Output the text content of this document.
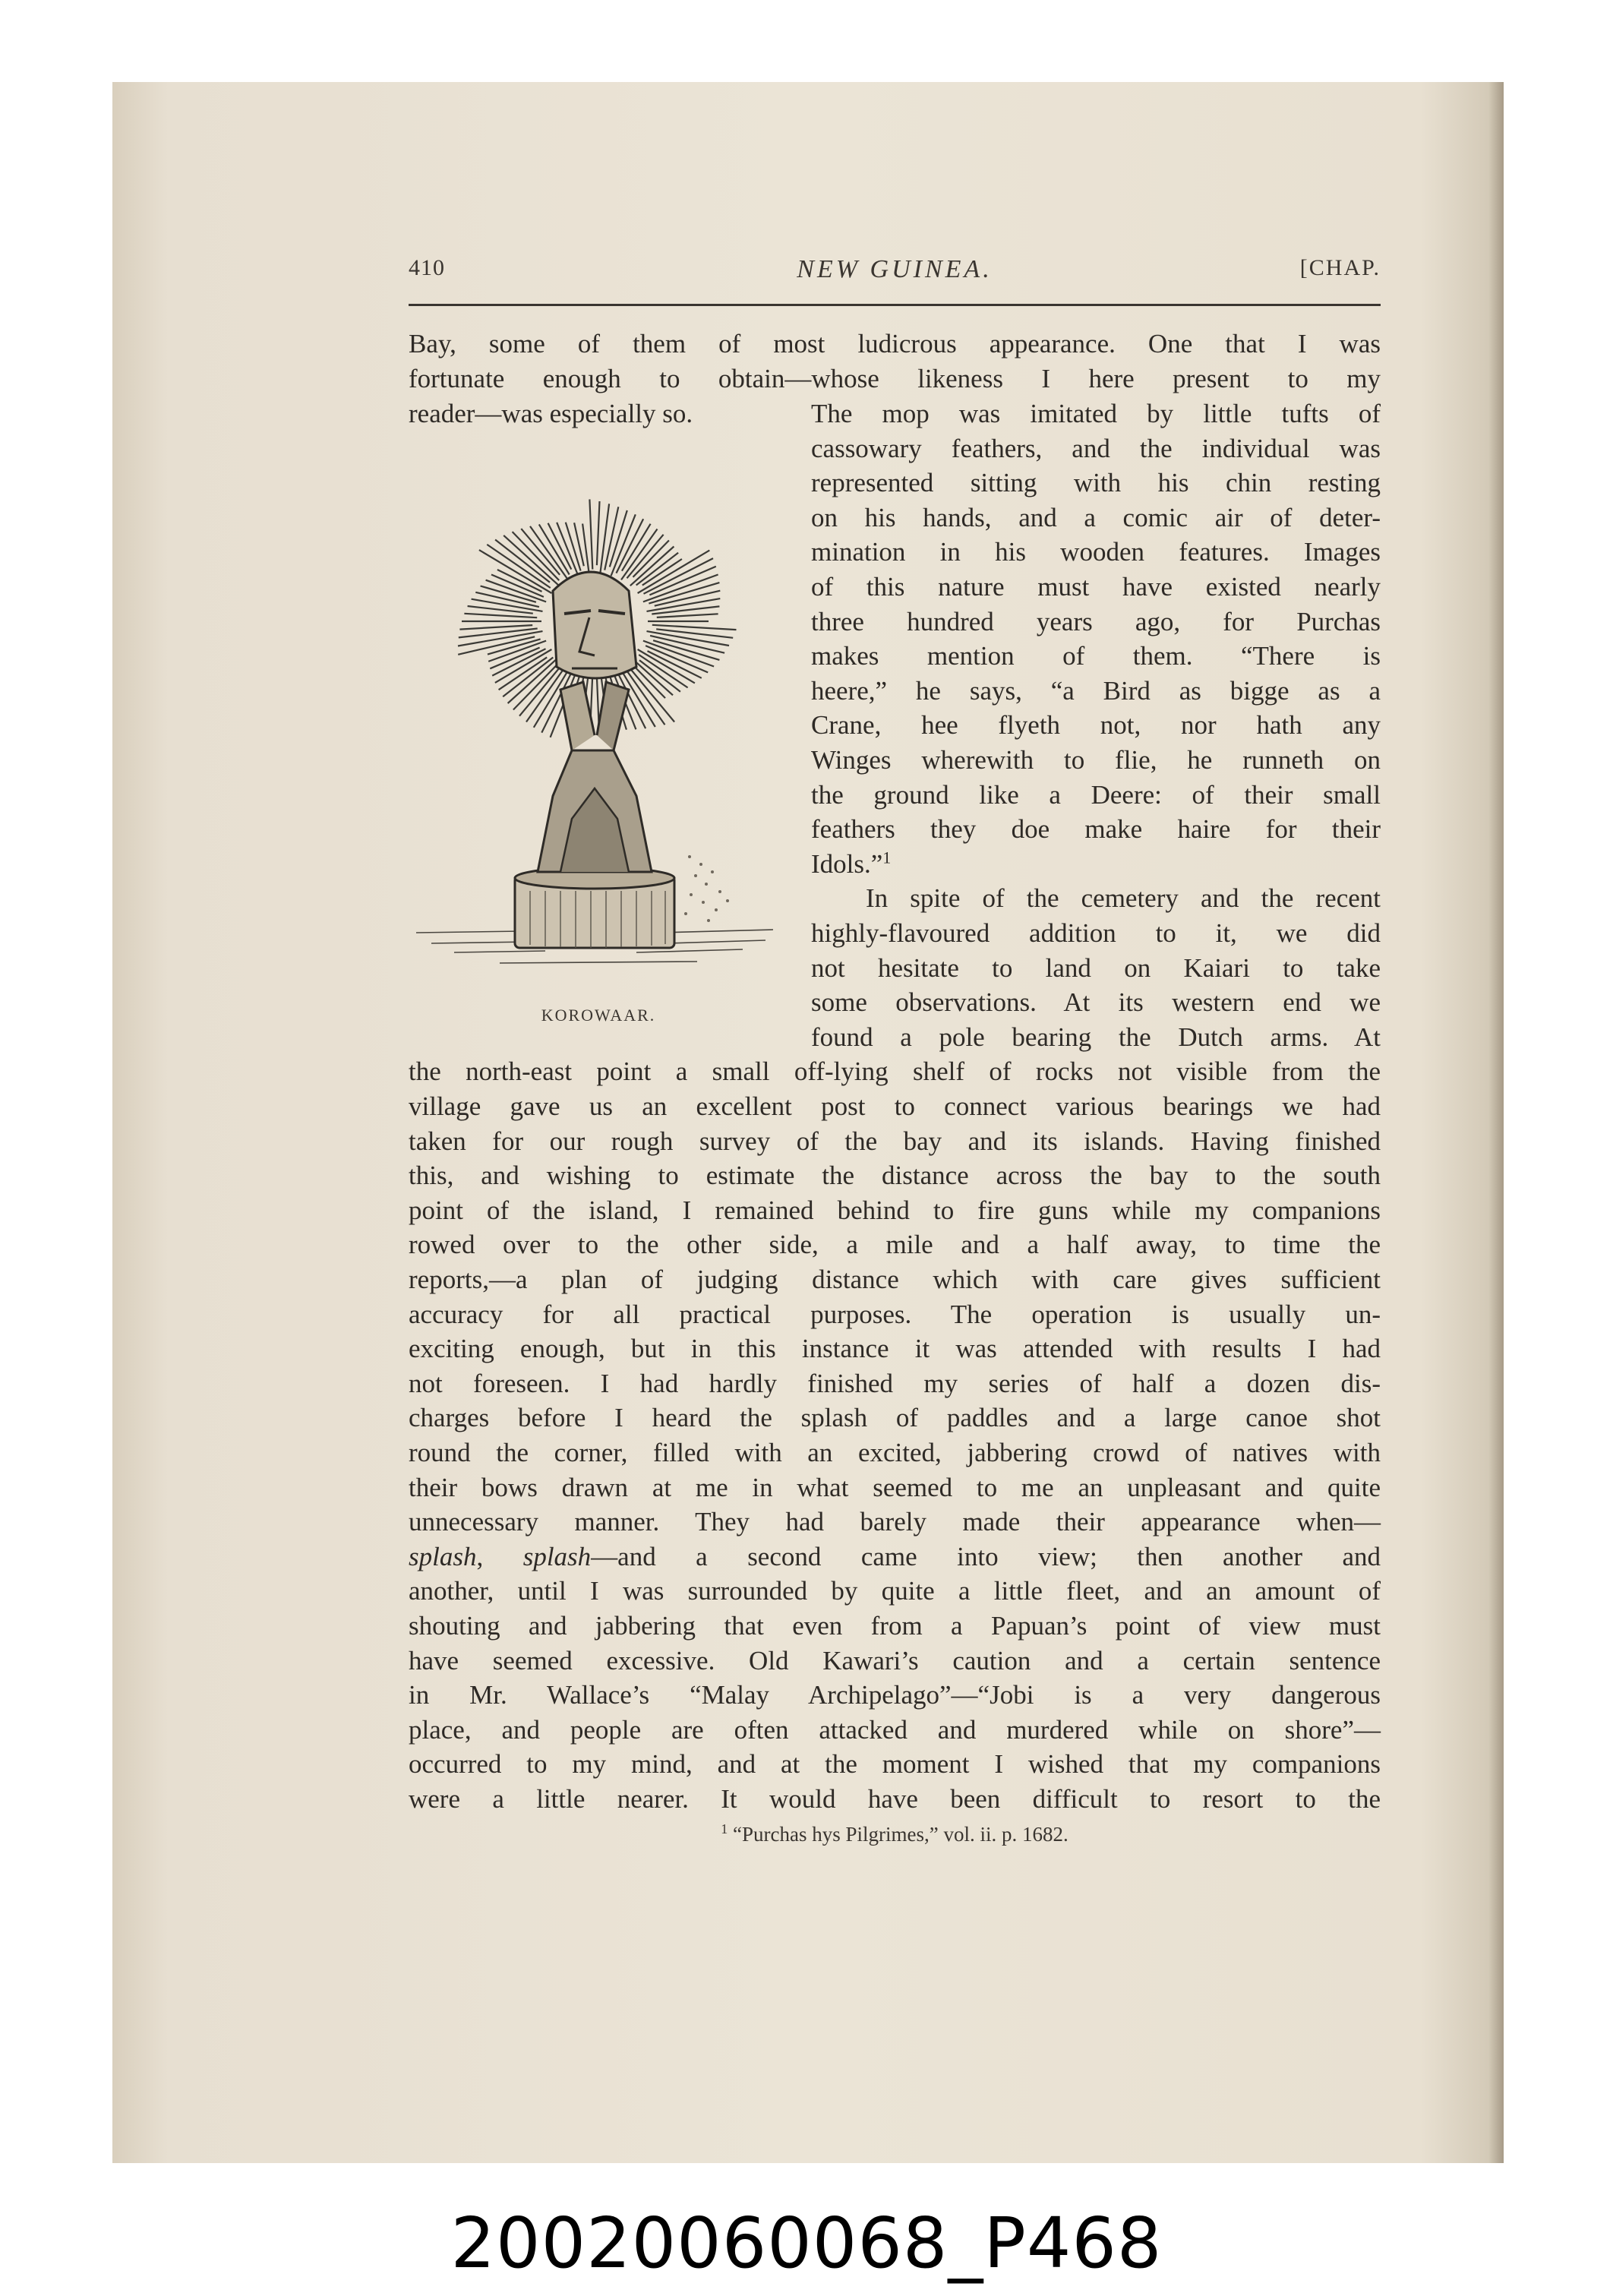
410	NEW GUINEA.	[CHAP.
Bay, some of them of most ludicrous appearance. One that I was
fortunate enough to obtain—whose likeness I here present to my
reader—was especially so.	The mop was imitated by little tufts of
cassowary feathers, and the individual was
represented sitting with his chin resting
on his hands, and a comic air of deter-
mination in his wooden features. Images
of this nature must have existed nearly
three hundred years ago, for Purchas
makes mention of them. “There is
heere,” he says, “a Bird as bigge as a
Crane, hee flyeth not, nor hath any
Winges wherewith to flie, he runneth on
the ground like a Deere: of their small
feathers they doe make haire for their
Idols.”$^1$
In spite of the cemetery and the recent
highly-flavoured addition to it, we did
not hesitate to land on Kaiari to take
some observations. At its western end we
found a pole bearing the Dutch arms. At
the north-east point a small off-lying shelf of rocks not visible from the
village gave us an excellent post to connect various bearings we had
taken for our rough survey of the bay and its islands. Having finished
this, and wishing to estimate the distance across the bay to the south
point of the island, I remained behind to fire guns while my companions
rowed over to the other side, a mile and a half away, to time the
reports,—a plan of judging distance which with care gives sufficient
accuracy for all practical purposes. The operation is usually un-
exciting enough, but in this instance it was attended with results I had
not foreseen. I had hardly finished my series of half a dozen dis-
charges before I heard the splash of paddles and a large canoe shot
round the corner, filled with an excited, jabbering crowd of natives with
their bows drawn at me in what seemed to me an unpleasant and quite
unnecessary manner. They had barely made their appearance when—
splash, splash—and a second came into view; then another and
another, until I was surrounded by quite a little fleet, and an amount of
shouting and jabbering that even from a Papuan’s point of view must
have seemed excessive. Old Kawari’s caution and a certain sentence
in Mr. Wallace’s “Malay Archipelago”—“Jobi is a very dangerous
place, and people are often attacked and murdered while on shore”—
occurred to my mind, and at the moment I wished that my companions
were a little nearer. It would have been difficult to resort to the
KOROWAAR.
$^1$ “Purchas hys Pilgrimes,” vol. ii. p. 1682.
20020060068_P468
